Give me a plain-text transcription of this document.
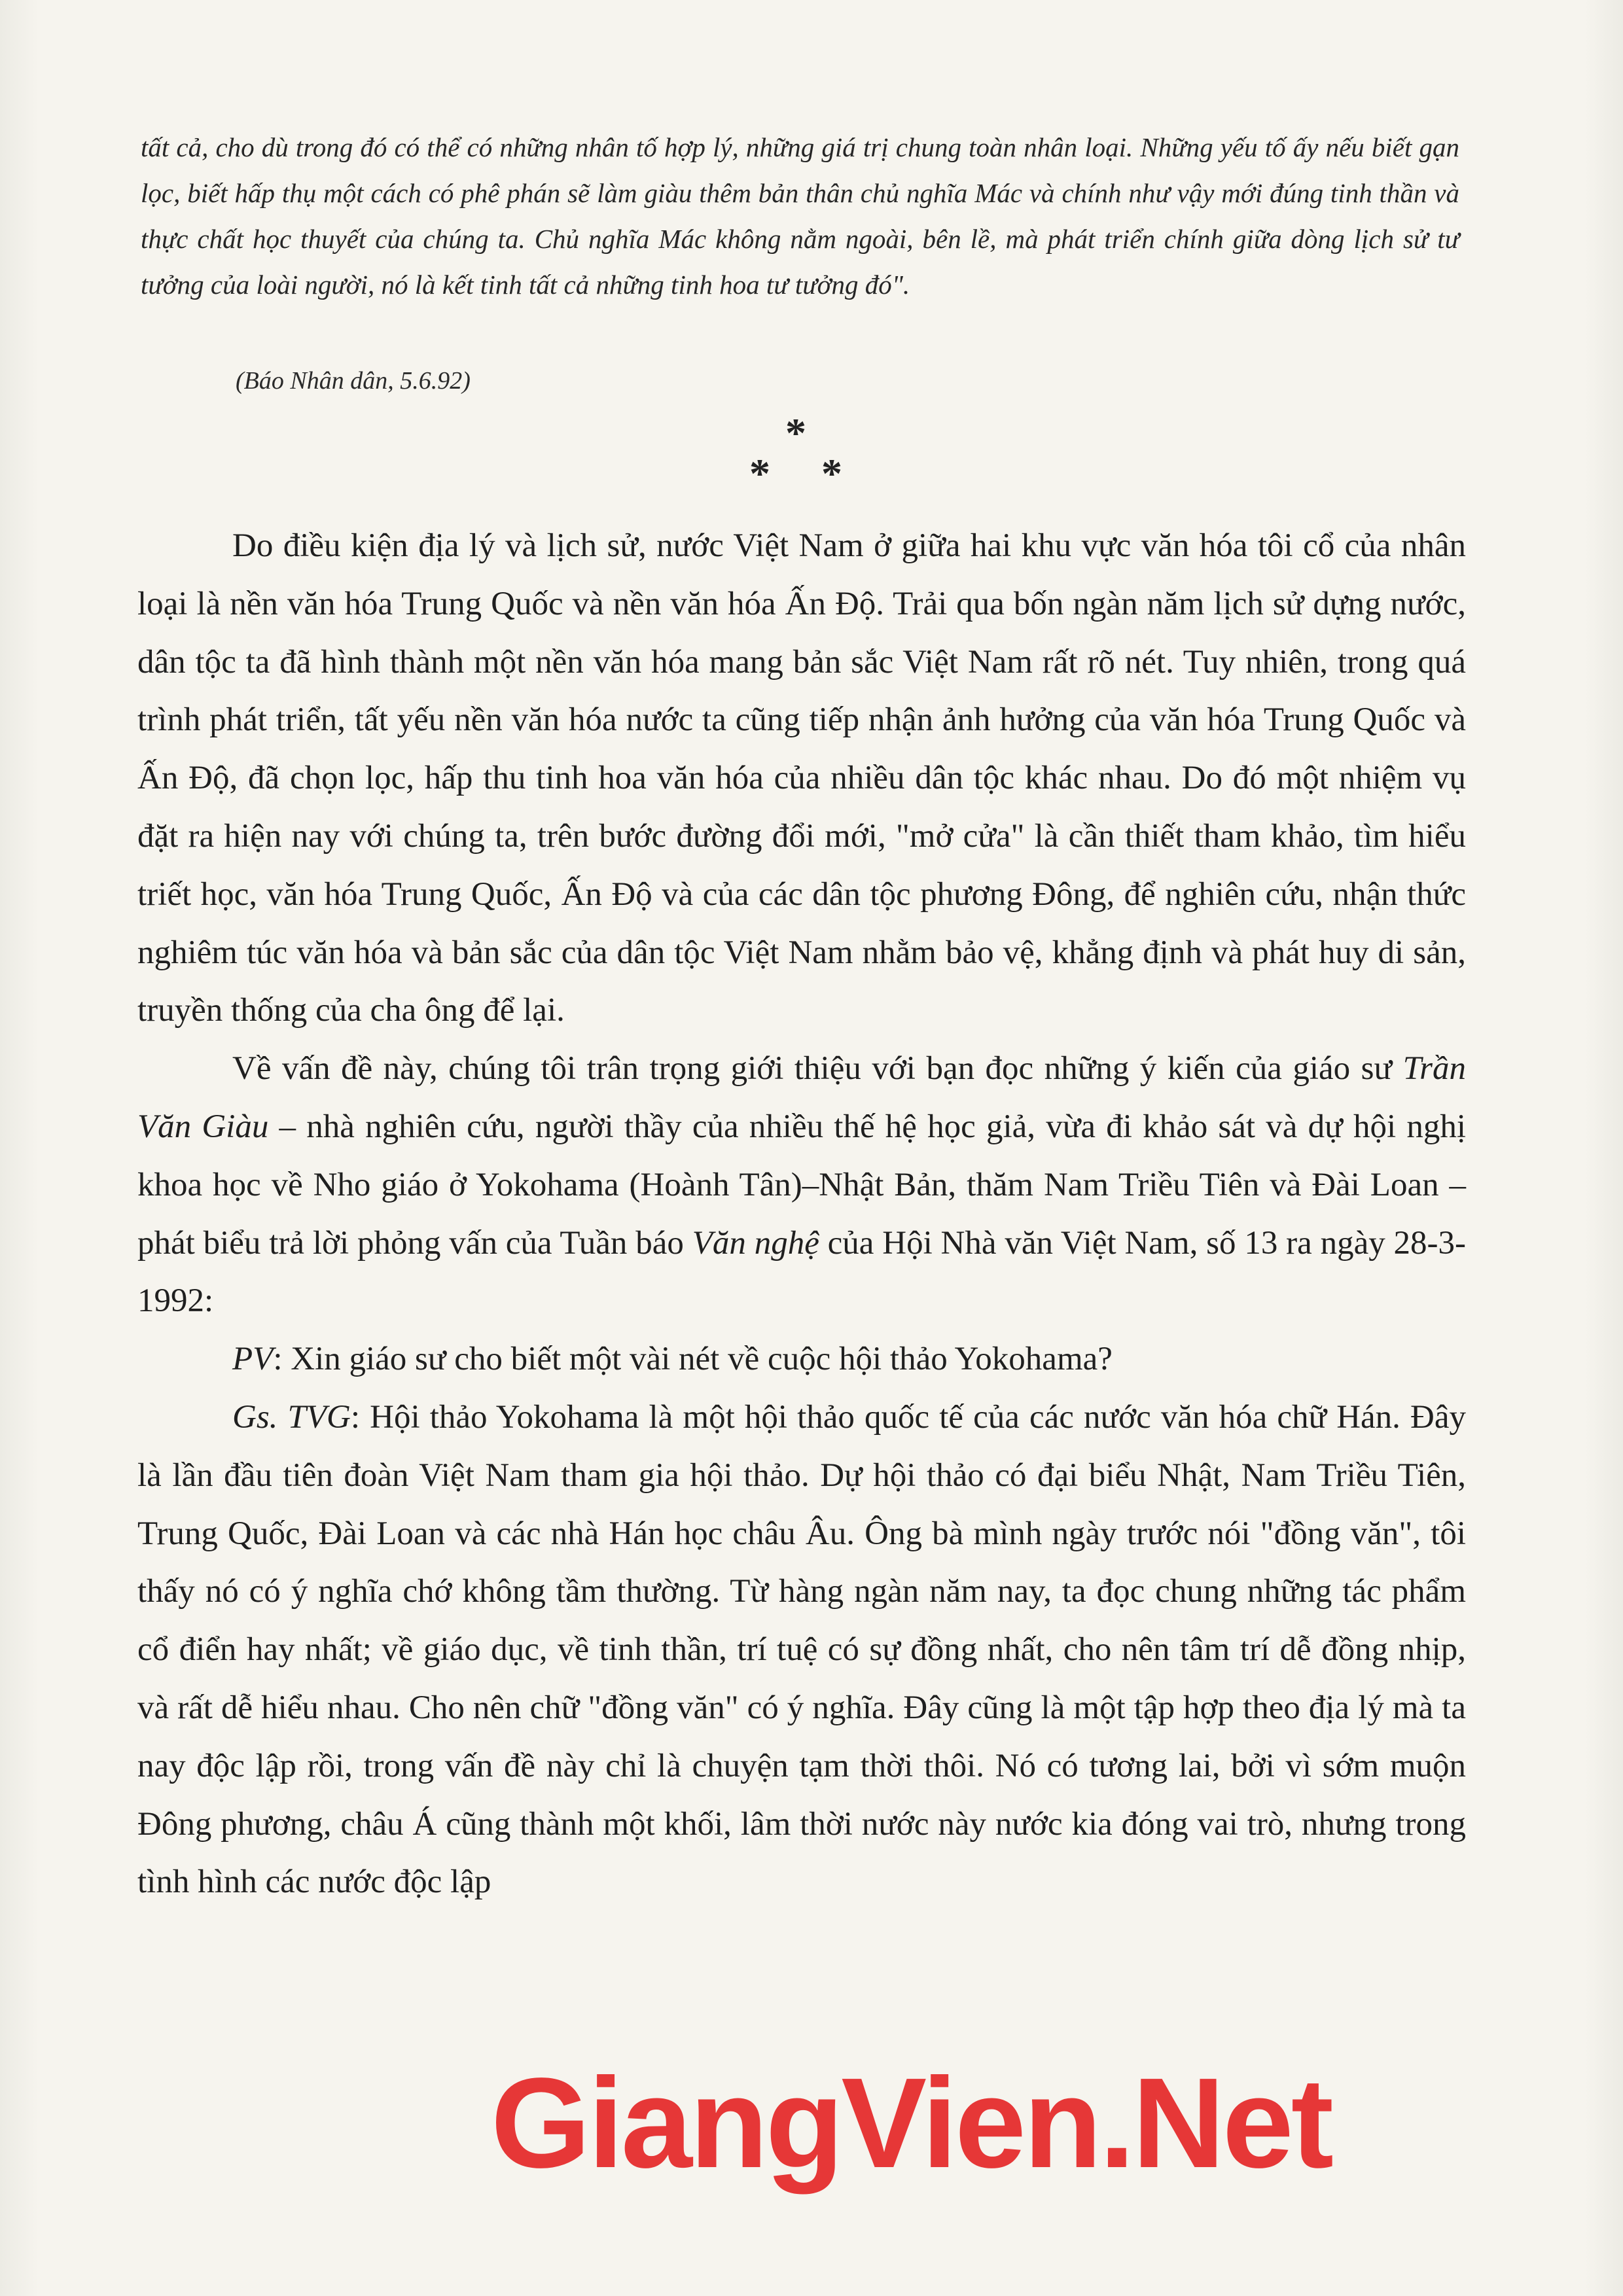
tất cả, cho dù trong đó có thể có những nhân tố hợp lý, những giá trị chung toàn nhân loại. Những yếu tố ấy nếu biết gạn lọc, biết hấp thụ một cách có phê phán sẽ làm giàu thêm bản thân chủ nghĩa Mác và chính như vậy mới đúng tinh thần và thực chất học thuyết của chúng ta. Chủ nghĩa Mác không nằm ngoài, bên lề, mà phát triển chính giữa dòng lịch sử tư tưởng của loài người, nó là kết tinh tất cả những tinh hoa tư tưởng đó".
(Báo Nhân dân, 5.6.92)
*
* *

Do điều kiện địa lý và lịch sử, nước Việt Nam ở giữa hai khu vực văn hóa tôi cổ của nhân loại là nền văn hóa Trung Quốc và nền văn hóa Ấn Độ. Trải qua bốn ngàn năm lịch sử dựng nước, dân tộc ta đã hình thành một nền văn hóa mang bản sắc Việt Nam rất rõ nét. Tuy nhiên, trong quá trình phát triển, tất yếu nền văn hóa nước ta cũng tiếp nhận ảnh hưởng của văn hóa Trung Quốc và Ấn Độ, đã chọn lọc, hấp thu tinh hoa văn hóa của nhiều dân tộc khác nhau. Do đó một nhiệm vụ đặt ra hiện nay với chúng ta, trên bước đường đổi mới, "mở cửa" là cần thiết tham khảo, tìm hiểu triết học, văn hóa Trung Quốc, Ấn Độ và của các dân tộc phương Đông, để nghiên cứu, nhận thức nghiêm túc văn hóa và bản sắc của dân tộc Việt Nam nhằm bảo vệ, khẳng định và phát huy di sản, truyền thống của cha ông để lại.

Về vấn đề này, chúng tôi trân trọng giới thiệu với bạn đọc những ý kiến của giáo sư Trần Văn Giàu – nhà nghiên cứu, người thầy của nhiều thế hệ học giả, vừa đi khảo sát và dự hội nghị khoa học về Nho giáo ở Yokohama (Hoành Tân)–Nhật Bản, thăm Nam Triều Tiên và Đài Loan – phát biểu trả lời phỏng vấn của Tuần báo Văn nghệ của Hội Nhà văn Việt Nam, số 13 ra ngày 28-3-1992:

PV: Xin giáo sư cho biết một vài nét về cuộc hội thảo Yokohama?

Gs. TVG: Hội thảo Yokohama là một hội thảo quốc tế của các nước văn hóa chữ Hán. Đây là lần đầu tiên đoàn Việt Nam tham gia hội thảo. Dự hội thảo có đại biểu Nhật, Nam Triều Tiên, Trung Quốc, Đài Loan và các nhà Hán học châu Âu. Ông bà mình ngày trước nói "đồng văn", tôi thấy nó có ý nghĩa chớ không tầm thường. Từ hàng ngàn năm nay, ta đọc chung những tác phẩm cổ điển hay nhất; về giáo dục, về tinh thần, trí tuệ có sự đồng nhất, cho nên tâm trí dễ đồng nhịp, và rất dễ hiểu nhau. Cho nên chữ "đồng văn" có ý nghĩa. Đây cũng là một tập hợp theo địa lý mà ta nay độc lập rồi, trong vấn đề này chỉ là chuyện tạm thời thôi. Nó có tương lai, bởi vì sớm muộn Đông phương, châu Á cũng thành một khối, lâm thời nước này nước kia đóng vai trò, nhưng trong tình hình các nước độc lập

GiangVien.Net
